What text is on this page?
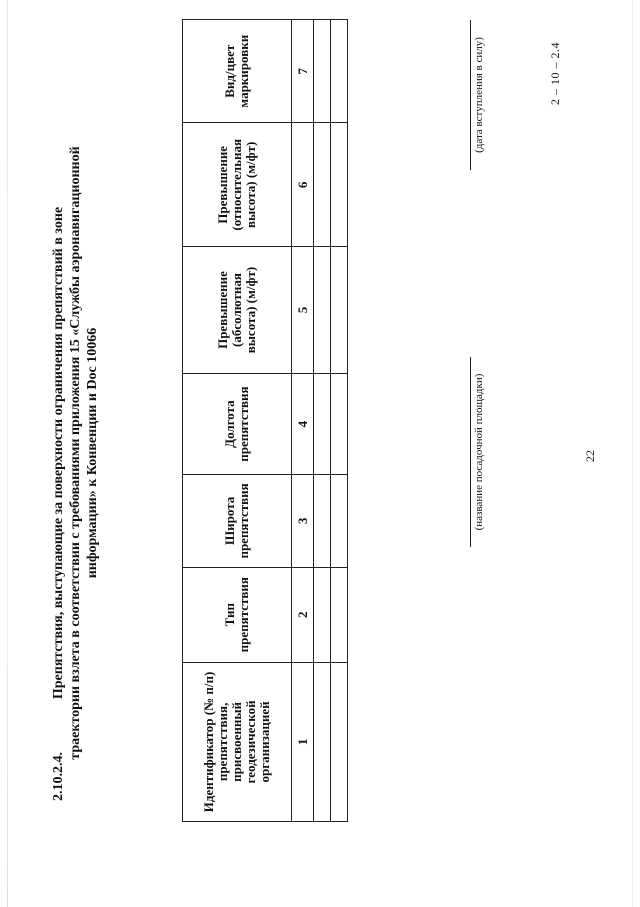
22
2 – 10 – 2.4
2.10.2.4.
Препятствия, выступающие за поверхности ограничения препятствий в зоне траектории взлета в соответствии с требованиями приложения 15 «Службы аэронавигационной информации» к Конвенции и Doc 10066
Идентификатор (№ п/п) препятствия, присвоенный геодезической организацией	Тип препятствия	Широта препятствия	Долгота препятствия	Превышение (абсолютная высота) (м/фт)	Превышение (относительная высота) (м/фт)	Вид/цвет маркировки
1	2	3	4	5	6	7

(название посадочной площадки)
(дата вступления в силу)
